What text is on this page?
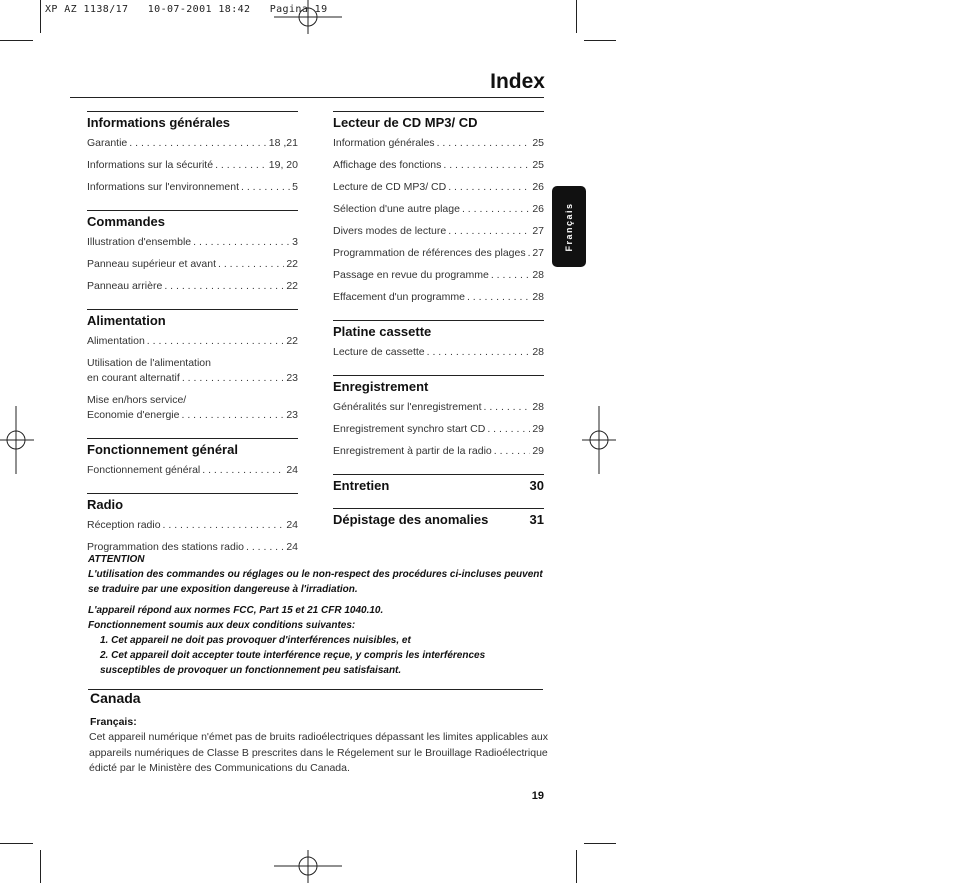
XP AZ 1138/17   10-07-2001 18:42   Pagina 19
Index
Français
Informations générales
Garantie . . .	18 ,21
Informations sur la sécurité . . .	19, 20
Informations sur l'environnement . . .	5
Commandes
Illustration d'ensemble . . .	3
Panneau supérieur et avant . . .	22
Panneau arrière . . .	22
Alimentation
Alimentation . . .	22
Utilisation de l'alimentation
en courant alternatif . . .	23
Mise en/hors service/
Economie d'energie . . .	23
Fonctionnement général
Fonctionnement général . . .	24
Radio
Réception radio . . .	24
Programmation des stations radio . . .	24
Lecteur de CD MP3/ CD
Information générales . . .	25
Affichage des fonctions . . .	25
Lecture de CD MP3/ CD . . .	26
Sélection d'une autre plage . . .	26
Divers modes de lecture . . .	27
Programmation de références des plages . . . 27
Passage en revue du programme . . .	28
Effacement d'un programme . . .	28
Platine cassette
Lecture de cassette . . .	28
Enregistrement
Généralités sur l'enregistrement . . .	28
Enregistrement synchro start CD . . .	29
Enregistrement à partir de la radio . . .	29
Entretien	30
Dépistage des anomalies	31

ATTENTION

L'utilisation des commandes ou réglages ou le non-respect des procédures ci-incluses peuvent se traduire par une exposition dangereuse à l'irradiation.

L'appareil répond aux normes FCC, Part 15 et 21 CFR 1040.10.

Fonctionnement soumis aux deux conditions suivantes:

1. Cet appareil ne doit pas provoquer d'interférences nuisibles, et

2. Cet appareil doit accepter toute interférence reçue, y compris les interférences susceptibles de provoquer un fonctionnement peu satisfaisant.

Canada
Français:
Cet appareil numérique n'émet pas de bruits radioélectriques dépassant les limites applicables aux appareils numériques de Classe B prescrites dans le Régelement sur le Brouillage Radioélectrique édicté par le Ministère des Communications du Canada.
19
